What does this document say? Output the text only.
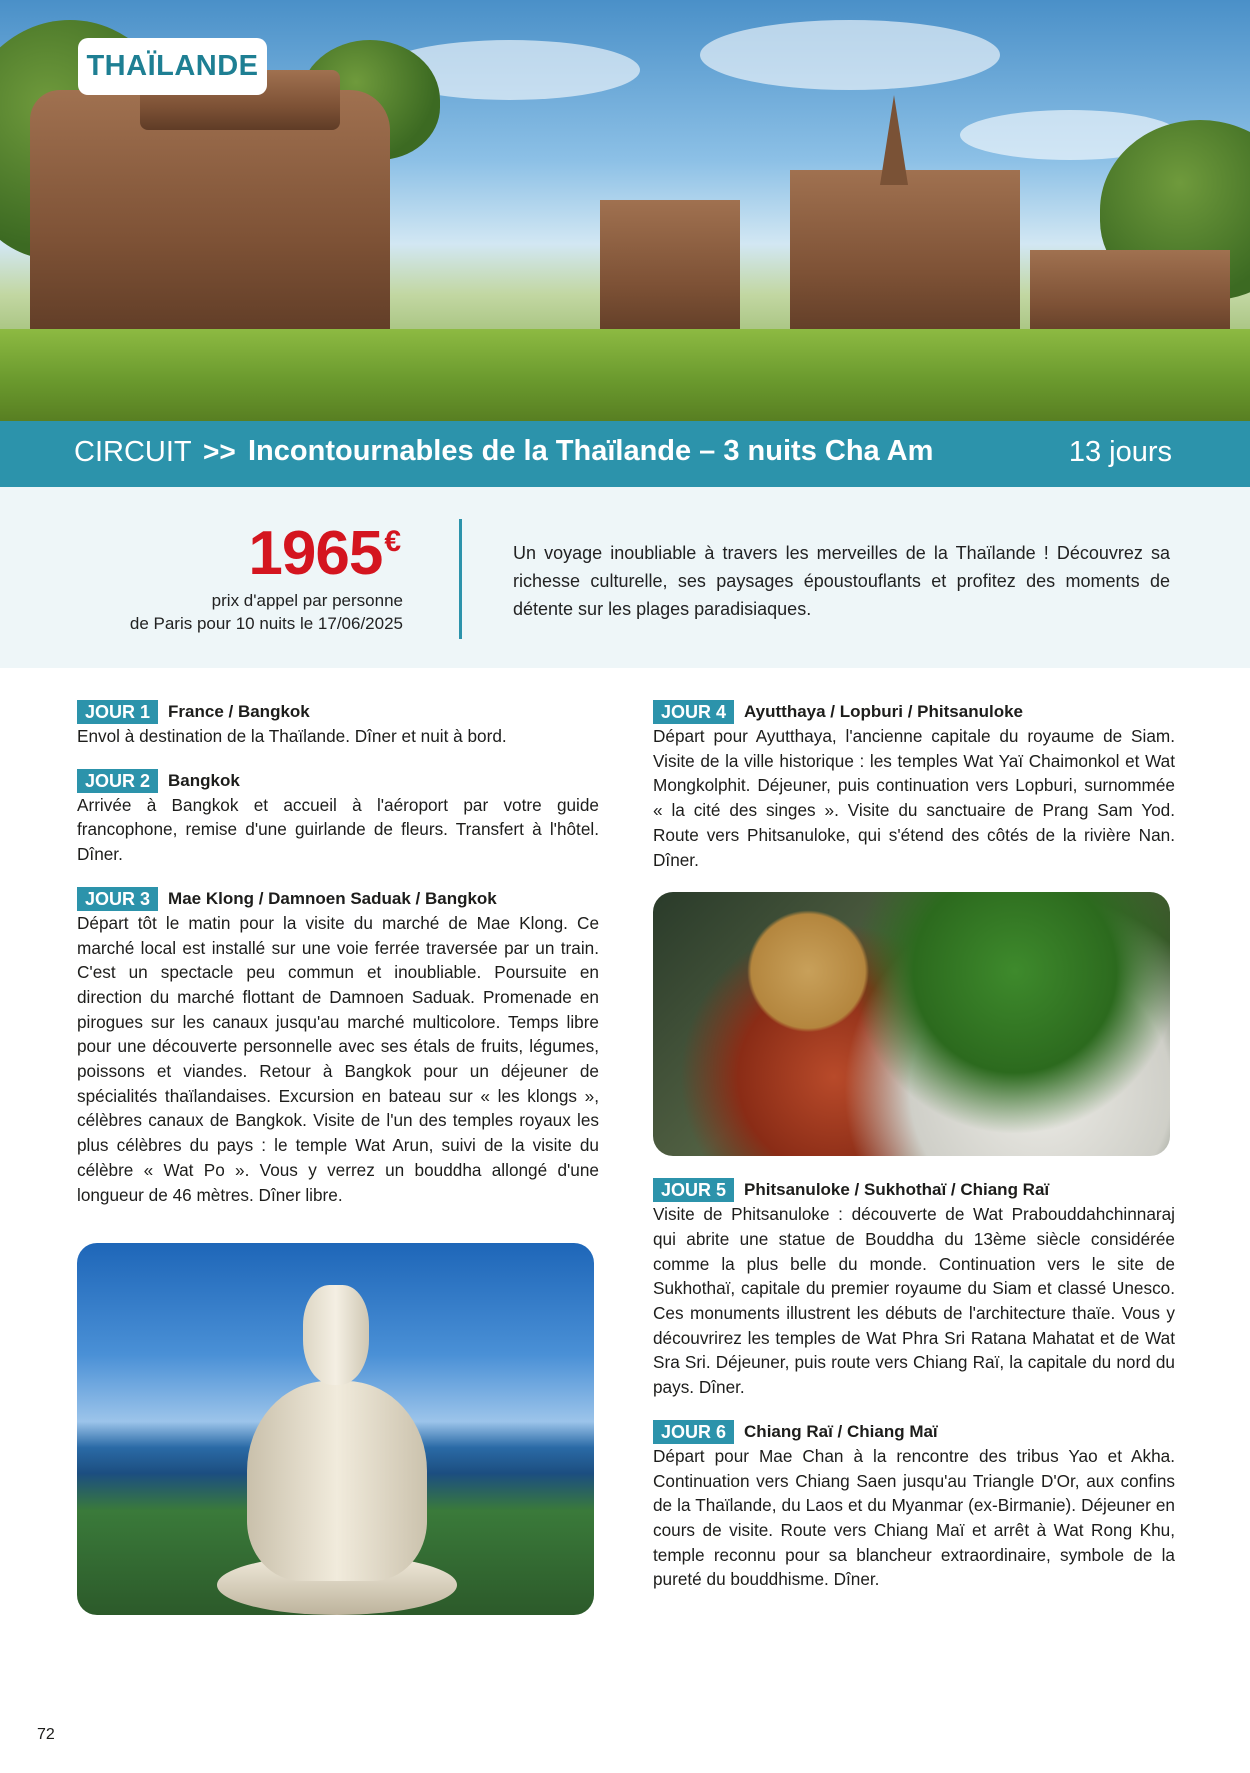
THAÏLANDE
CIRCUIT >> Incontournables de la Thaïlande – 3 nuits Cha Am	13 jours
1965€
prix d'appel par personne
de Paris pour 10 nuits le 17/06/2025

Un voyage inoubliable à travers les merveilles de la Thaïlande ! Découvrez sa richesse culturelle, ses paysages époustouflants et profitez des moments de détente sur les plages paradisiaques.

JOUR 1	France / Bangkok

Envol à destination de la Thaïlande. Dîner et nuit à bord.

JOUR 2	Bangkok

Arrivée à Bangkok et accueil à l'aéroport par votre guide francophone, remise d'une guirlande de fleurs. Transfert à l'hôtel. Dîner.

JOUR 3	Mae Klong / Damnoen Saduak / Bangkok

Départ tôt le matin pour la visite du marché de Mae Klong. Ce marché local est installé sur une voie ferrée traversée par un train. C'est un spectacle peu commun et inoubliable. Poursuite en direction du marché flottant de Damnoen Saduak. Promenade en pirogues sur les canaux jusqu'au marché multicolore. Temps libre pour une découverte personnelle avec ses étals de fruits, légumes, poissons et viandes. Retour à Bangkok pour un déjeuner de spécialités thaïlandaises. Excursion en bateau sur « les klongs », célèbres canaux de Bangkok. Visite de l'un des temples royaux les plus célèbres du pays : le temple Wat Arun, suivi de la visite du célèbre « Wat Po ». Vous y verrez un bouddha allongé d'une longueur de 46 mètres. Dîner libre.

JOUR 4	Ayutthaya / Lopburi / Phitsanuloke

Départ pour Ayutthaya, l'ancienne capitale du royaume de Siam. Visite de la ville historique : les temples Wat Yaï Chaimonkol et Wat Mongkolphit. Déjeuner, puis continuation vers Lopburi, surnommée « la cité des singes ». Visite du sanctuaire de Prang Sam Yod. Route vers Phitsanuloke, qui s'étend des côtés de la rivière Nan. Dîner.

JOUR 5	Phitsanuloke / Sukhothaï / Chiang Raï

Visite de Phitsanuloke : découverte de Wat Prabouddahchinnaraj qui abrite une statue de Bouddha du 13ème siècle considérée comme la plus belle du monde. Continuation vers le site de Sukhothaï, capitale du premier royaume du Siam et classé Unesco. Ces monuments illustrent les débuts de l'architecture thaïe. Vous y découvrirez les temples de Wat Phra Sri Ratana Mahatat et de Wat Sra Sri. Déjeuner, puis route vers Chiang Raï, la capitale du nord du pays. Dîner.

JOUR 6	Chiang Raï / Chiang Maï

Départ pour Mae Chan à la rencontre des tribus Yao et Akha. Continuation vers Chiang Saen jusqu'au Triangle D'Or, aux confins de la Thaïlande, du Laos et du Myanmar (ex-Birmanie). Déjeuner en cours de visite. Route vers Chiang Maï et arrêt à Wat Rong Khu, temple reconnu pour sa blancheur extraordinaire, symbole de la pureté du bouddhisme. Dîner.

72
